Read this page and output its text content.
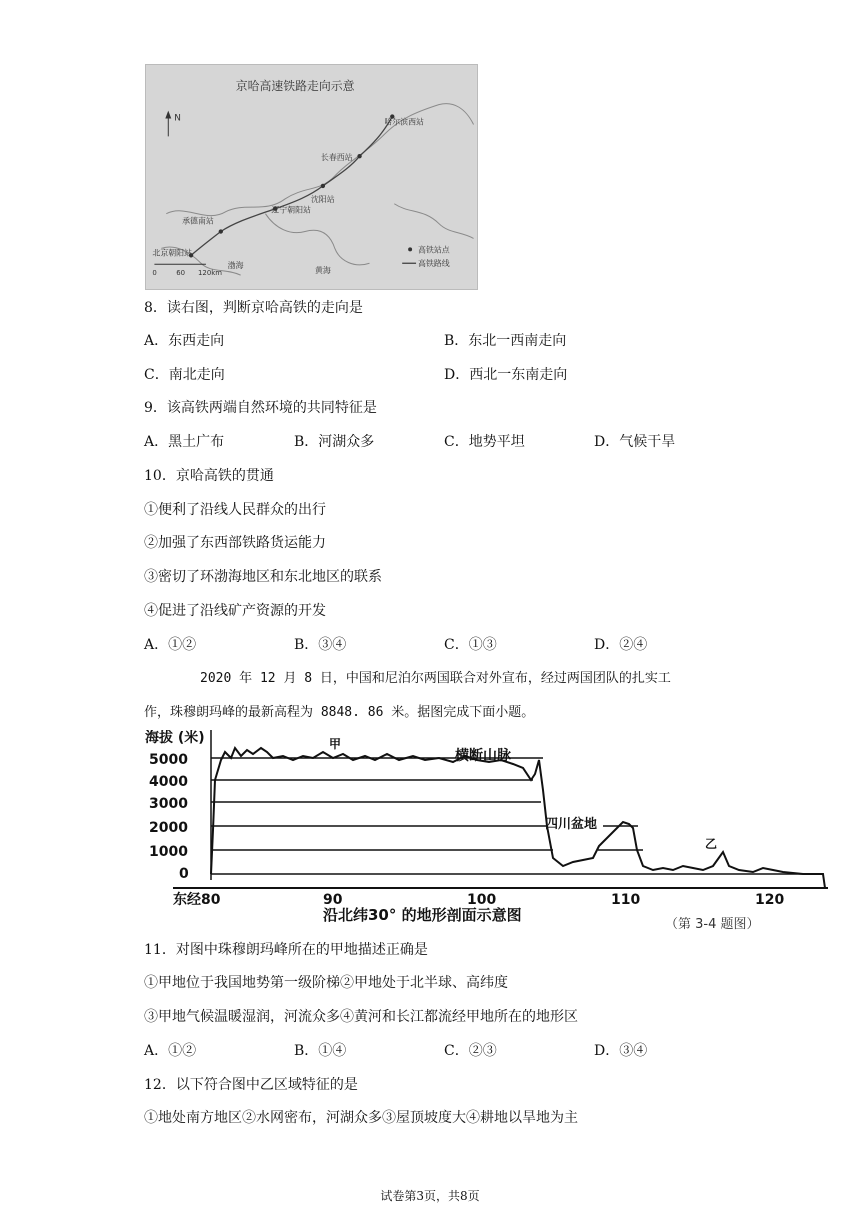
京哈高速铁路走向示意
N	哈尔滨西站
长春西站
沈阳站
辽宁朝阳站
承德南站
北京朝阳站
渤海
黄海
0	60 120km
高铁站点
高铁路线
8．读右图，判断京哈高铁的走向是
A．东西走向	B．东北一西南走向
C．南北走向	D．西北一东南走向
9．该高铁两端自然环境的共同特征是
A．黑土广布	B．河湖众多	C．地势平坦	D．气候干旱
10．京哈高铁的贯通
①便利了沿线人民群众的出行
②加强了东西部铁路货运能力
③密切了环渤海地区和东北地区的联系
④促进了沿线矿产资源的开发
A．①②	B．③④	C．①③	D．②④
2020 年 12 月 8 日，中国和尼泊尔两国联合对外宣布，经过两国团队的扎实工
作，珠穆朗玛峰的最新高程为 8848. 86 米。据图完成下面小题。
海拔 (米)
5000
4000
3000
2000
1000
0
东经80	90	100	110	120
甲
横断山脉
四川盆地
乙
沿北纬30° 的地形剖面示意图
（第 3-4 题图）
11．对图中珠穆朗玛峰所在的甲地描述正确是
①甲地位于我国地势第一级阶梯②甲地处于北半球、高纬度
③甲地气候温暖湿润，河流众多④黄河和长江都流经甲地所在的地形区
A．①②	B．①④	C．②③	D．③④
12．以下符合图中乙区域特征的是
①地处南方地区②水网密布，河湖众多③屋顶坡度大④耕地以旱地为主
试卷第3页，共8页
